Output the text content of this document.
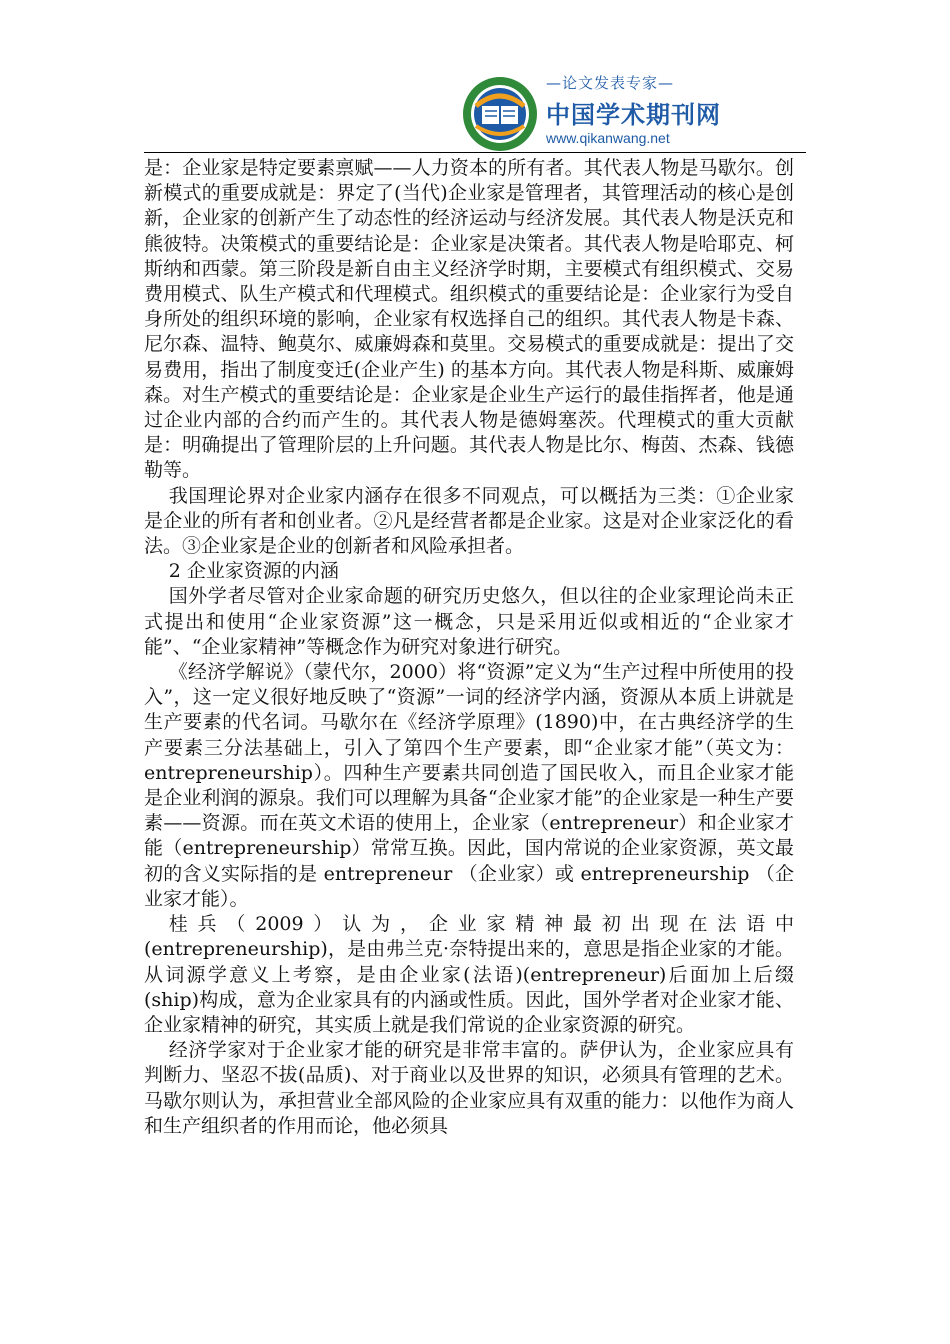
—论文发表专家—
中国学术期刊网
www.qikanwang.net

是：企业家是特定要素禀赋——人力资本的所有者。其代表人物是马歇尔。创新模式的重要成就是：界定了(当代)企业家是管理者，其管理活动的核心是创新，企业家的创新产生了动态性的经济运动与经济发展。其代表人物是沃克和熊彼特。决策模式的重要结论是：企业家是决策者。其代表人物是哈耶克、柯斯纳和西蒙。第三阶段是新自由主义经济学时期，主要模式有组织模式、交易费用模式、队生产模式和代理模式。组织模式的重要结论是：企业家行为受自身所处的组织环境的影响，企业家有权选择自己的组织。其代表人物是卡森、尼尔森、温特、鲍莫尔、威廉姆森和莫里。交易模式的重要成就是：提出了交易费用，指出了制度变迁(企业产生) 的基本方向。其代表人物是科斯、威廉姆森。对生产模式的重要结论是：企业家是企业生产运行的最佳指挥者，他是通过企业内部的合约而产生的。其代表人物是德姆塞茨。代理模式的重大贡献是：明确提出了管理阶层的上升问题。其代表人物是比尔、梅茵、杰森、钱德勒等。

我国理论界对企业家内涵存在很多不同观点，可以概括为三类：①企业家是企业的所有者和创业者。②凡是经营者都是企业家。这是对企业家泛化的看法。③企业家是企业的创新者和风险承担者。

2 企业家资源的内涵

国外学者尽管对企业家命题的研究历史悠久，但以往的企业家理论尚未正式提出和使用“企业家资源”这一概念，只是采用近似或相近的“企业家才能”、“企业家精神”等概念作为研究对象进行研究。

《经济学解说》（蒙代尔，2000）将“资源”定义为“生产过程中所使用的投入”，这一定义很好地反映了“资源”一词的经济学内涵，资源从本质上讲就是生产要素的代名词。马歇尔在《经济学原理》(1890)中，在古典经济学的生产要素三分法基础上，引入了第四个生产要素，即“企业家才能”（英文为：entrepreneurship）。四种生产要素共同创造了国民收入，而且企业家才能是企业利润的源泉。我们可以理解为具备“企业家才能”的企业家是一种生产要素——资源。而在英文术语的使用上，企业家（entrepreneur）和企业家才能（entrepreneurship）常常互换。因此，国内常说的企业家资源，英文最初的含义实际指的是 entrepreneur （企业家）或 entrepreneurship （企业家才能）。

桂兵（2009）认为，企业家精神最初出现在法语中(entrepreneurship)，是由弗兰克·奈特提出来的，意思是指企业家的才能。从词源学意义上考察，是由企业家(法语)(entrepreneur)后面加上后缀(ship)构成，意为企业家具有的内涵或性质。因此，国外学者对企业家才能、企业家精神的研究，其实质上就是我们常说的企业家资源的研究。

经济学家对于企业家才能的研究是非常丰富的。萨伊认为，企业家应具有判断力、坚忍不拔(品质)、对于商业以及世界的知识，必须具有管理的艺术。马歇尔则认为，承担营业全部风险的企业家应具有双重的能力：以他作为商人和生产组织者的作用而论，他必须具
